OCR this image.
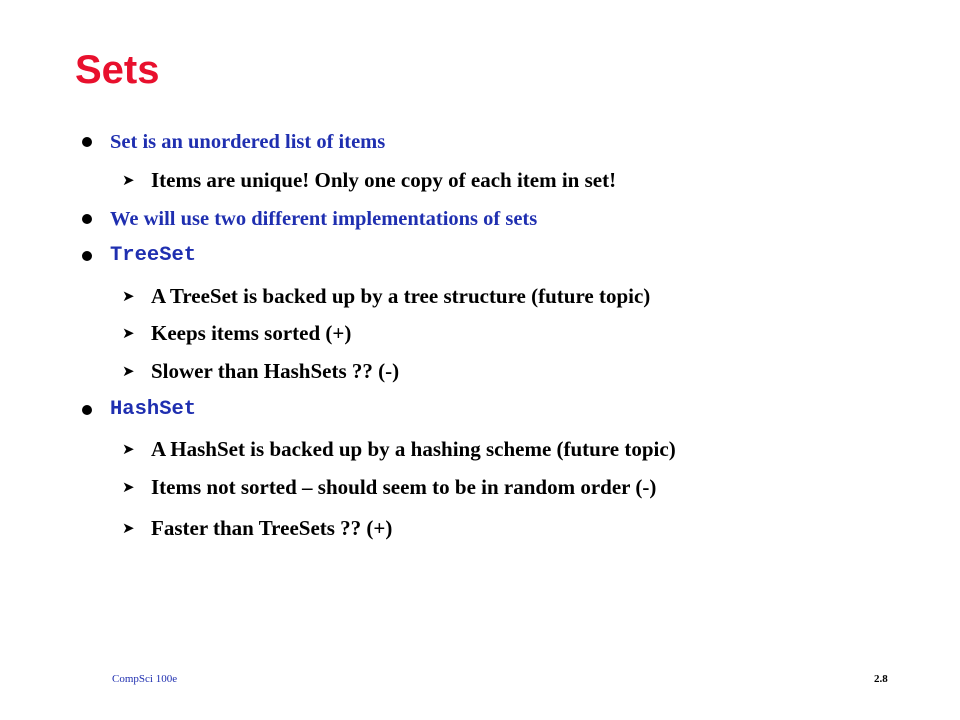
Sets
Set is an unordered list of items
➤ Items are unique! Only one copy of each item in set!
We will use two different implementations of sets
TreeSet
➤ A TreeSet is backed up by a tree structure (future topic)
➤ Keeps items sorted (+)
➤ Slower than HashSets ?? (-)
HashSet
➤ A HashSet is backed up by a hashing scheme (future topic)
➤ Items not sorted – should seem to be in random order (-)
➤ Faster than TreeSets ?? (+)
CompSci 100e	2.8
